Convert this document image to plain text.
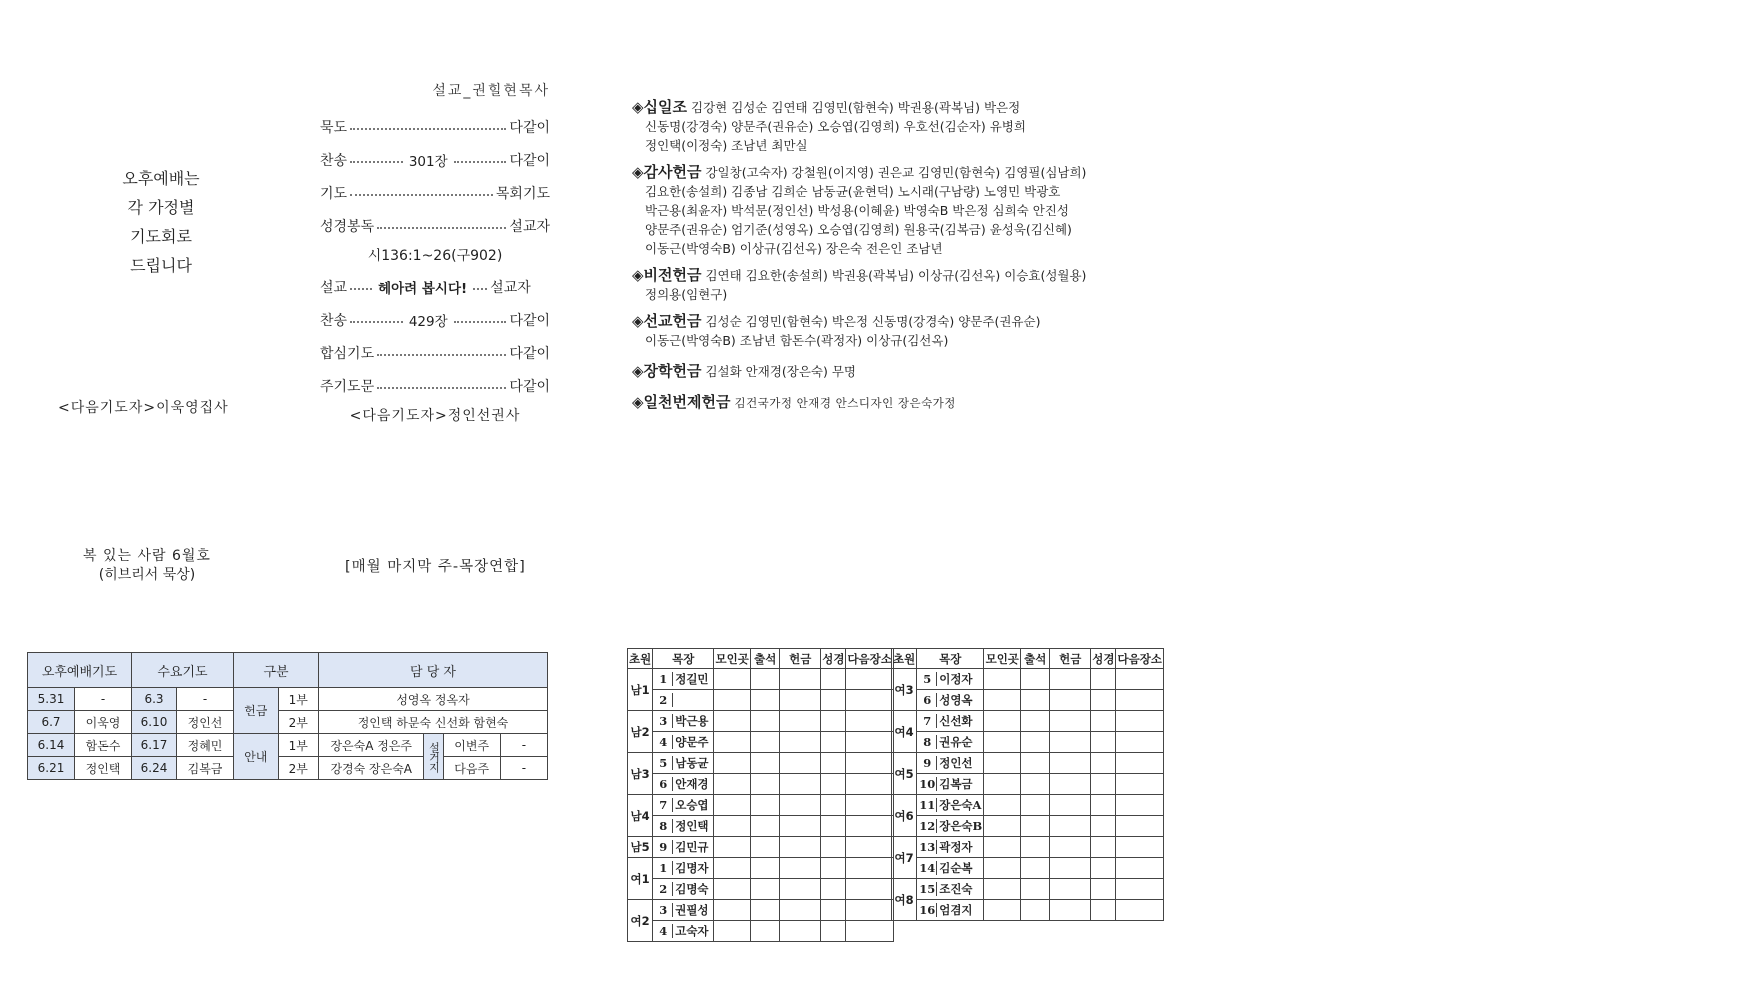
오후예배는
각 가정별
기도회로
드립니다
<다음기도자>이욱영집사
설교_권힐현목사
묵도	다같이
찬송	301장	다같이
기도	목회기도
성경봉독	설교자
시136:1~26(구902)
설교 헤아려 봅시다! 설교자
찬송	429장	다같이
합심기도	다같이
주기도문	다같이
<다음기도자>정인선권사
복 있는 사람 6월호
(히브리서 묵상)	[매월 마지막 주-목장연합]
◈십일조 김강현 김성순 김연태 김영민(함현숙) 박권용(곽복님) 박은정
신동명(강경숙) 양문주(권유순) 오승엽(김영희) 우호선(김순자) 유병희
정인택(이정숙) 조남년 최만실
◈감사헌금 강일창(고숙자) 강철원(이지영) 권은교 김영민(함현숙) 김영필(심남희)
김요한(송설희) 김종남 김희순 남동균(윤현덕) 노시래(구남량) 노영민 박광호
박근용(최윤자) 박석문(정인선) 박성용(이혜윤) 박영숙B 박은정 심희숙 안진성
양문주(권유순) 엄기준(성영옥) 오승엽(김영희) 원용국(김복금) 윤성욱(김신혜)
이동근(박영숙B) 이상규(김선옥) 장은숙 전은인 조남년
◈비전헌금 김연태 김요한(송설희) 박권용(곽복님) 이상규(김선옥) 이승효(성월용)
정의용(임현구)
◈선교헌금 김성순 김영민(함현숙) 박은정 신동명(강경숙) 양문주(권유순)
이동근(박영숙B) 조남년 함돈수(곽정자) 이상규(김선옥)
◈장학헌금 김설화 안재경(장은숙) 무명
◈일천번제헌금 김건국가정 안재경 안스디자인 장은숙가정
오후예배기도		수요기도		구분		담 당 자			
5.31	-	6.3	-	헌금	1부	성영옥 정옥자			
6.7	이욱영	6.10	정인선		2부	정인택 하문숙 신선화 함현숙			
6.14	함돈수	6.17	정혜민	안내	1부	장은숙A 정은주	설거지	이변주	-
6.21	정인택	6.24	김복금		2부	강경숙 장은숙A		다음주	-
초원	목장	모인곳	출석	헌금	성경	다음장소
남1	1 정길민					
	2					
남2	3 박근용					
	4 양문주					
남3	5 남동균					
	6 안재경					
남4	7 오승엽					
	8 정인택					
남5	9 김민규					
여1	1 김명자					
	2 김명숙					
여2	3 권필성					
	4 고숙자					
초원	목장	모인곳	출석	헌금	성경	다음장소
여3	5 이정자					
	6 성영옥					
여4	7 신선화					
	8 권유순					
여5	9 정인선					
	10 김복금					
여6	11 장은숙A					
	12 장은숙B					
여7	13 곽정자					
	14 김순복					
여8	15 조진숙					
	16 엄겸지					
